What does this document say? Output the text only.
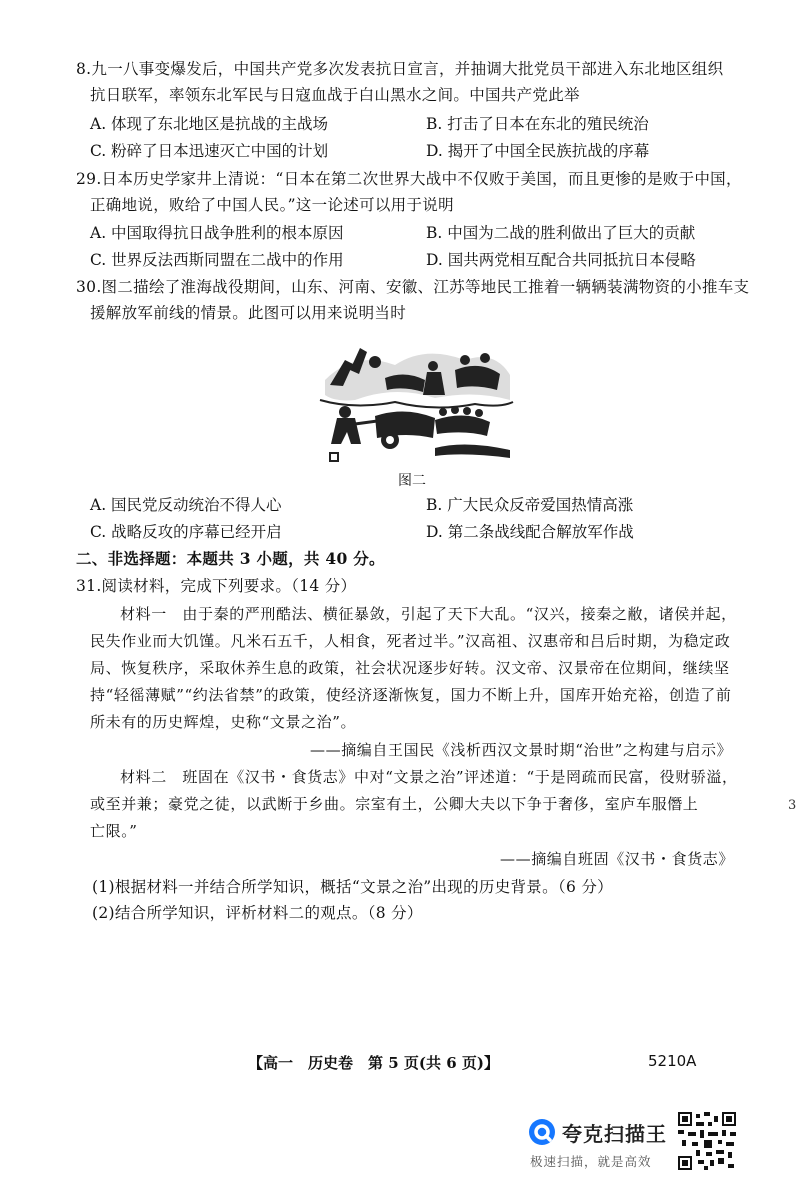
8.九一八事变爆发后，中国共产党多次发表抗日宣言，并抽调大批党员干部进入东北地区组织
抗日联军，率领东北军民与日寇血战于白山黑水之间。中国共产党此举
A. 体现了东北地区是抗战的主战场	B. 打击了日本在东北的殖民统治
C. 粉碎了日本迅速灭亡中国的计划	D. 揭开了中国全民族抗战的序幕
29.日本历史学家井上清说：“日本在第二次世界大战中不仅败于美国，而且更惨的是败于中国，
正确地说，败给了中国人民。”这一论述可以用于说明
A. 中国取得抗日战争胜利的根本原因	B. 中国为二战的胜利做出了巨大的贡献
C. 世界反法西斯同盟在二战中的作用	D. 国共两党相互配合共同抵抗日本侵略
30.图二描绘了淮海战役期间，山东、河南、安徽、江苏等地民工推着一辆辆装满物资的小推车支
援解放军前线的情景。此图可以用来说明当时
图二
A. 国民党反动统治不得人心	B. 广大民众反帝爱国热情高涨
C. 战略反攻的序幕已经开启	D. 第二条战线配合解放军作战
二、非选择题：本题共 3 小题，共 40 分。
31.阅读材料，完成下列要求。（14 分）
材料一　由于秦的严刑酷法、横征暴敛，引起了天下大乱。“汉兴，接秦之敝，诸侯并起，
民失作业而大饥馑。凡米石五千，人相食，死者过半。”汉高祖、汉惠帝和吕后时期，为稳定政
局、恢复秩序，采取休养生息的政策，社会状况逐步好转。汉文帝、汉景帝在位期间，继续坚
持“轻徭薄赋”“约法省禁”的政策，使经济逐渐恢复，国力不断上升，国库开始充裕，创造了前
所未有的历史辉煌，史称“文景之治”。
——摘编自王国民《浅析西汉文景时期“治世”之构建与启示》
材料二　班固在《汉书・食货志》中对“文景之治”评述道：“于是罔疏而民富，役财骄溢，
或至并兼；豪党之徒，以武断于乡曲。宗室有土，公卿大夫以下争于奢侈，室庐车服僭上
亡限。”
——摘编自班固《汉书・食货志》
(1)根据材料一并结合所学知识，概括“文景之治”出现的历史背景。（6 分）
(2)结合所学知识，评析材料二的观点。（8 分）
3
【高一　历史卷　第 5 页(共 6 页)】	5210A
夸克扫描王
极速扫描，就是高效
